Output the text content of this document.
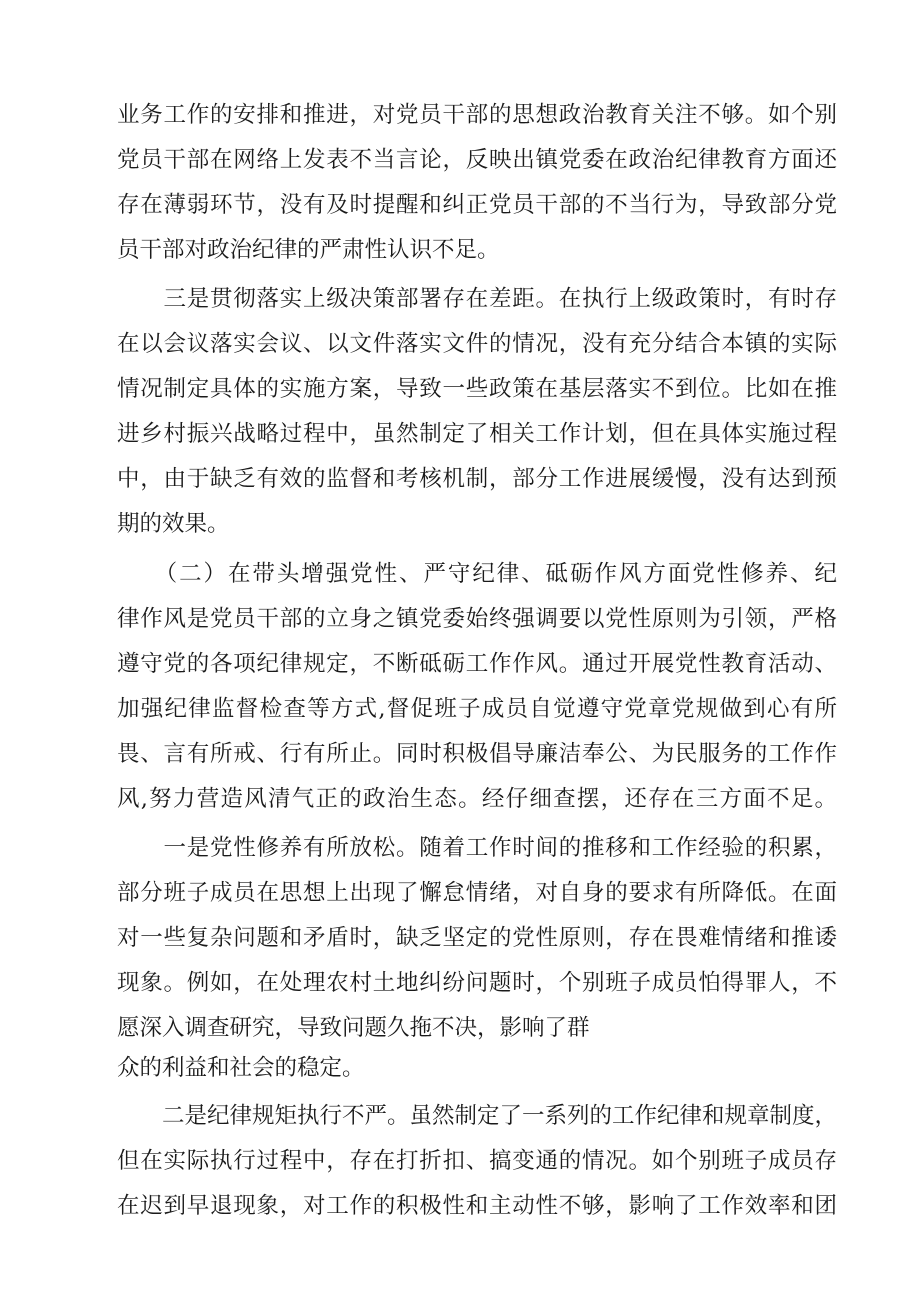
业务工作的安排和推进，对党员干部的思想政治教育关注不够。如个别
党员干部在网络上发表不当言论，反映出镇党委在政治纪律教育方面还
存在薄弱环节，没有及时提醒和纠正党员干部的不当行为，导致部分党
员干部对政治纪律的严肃性认识不足。
　　三是贯彻落实上级决策部署存在差距。在执行上级政策时，有时存
在以会议落实会议、以文件落实文件的情况，没有充分结合本镇的实际
情况制定具体的实施方案，导致一些政策在基层落实不到位。比如在推
进乡村振兴战略过程中，虽然制定了相关工作计划，但在具体实施过程
中，由于缺乏有效的监督和考核机制，部分工作进展缓慢，没有达到预
期的效果。
　　（二）在带头增强党性、严守纪律、砥砺作风方面党性修养、纪
律作风是党员干部的立身之镇党委始终强调要以党性原则为引领，严格
遵守党的各项纪律规定，不断砥砺工作作风。通过开展党性教育活动、
加强纪律监督检查等方式,督促班子成员自觉遵守党章党规做到心有所
畏、言有所戒、行有所止。同时积极倡导廉洁奉公、为民服务的工作作
风,努力营造风清气正的政治生态。经仔细查摆，还存在三方面不足。
　　一是党性修养有所放松。随着工作时间的推移和工作经验的积累，
部分班子成员在思想上出现了懈怠情绪，对自身的要求有所降低。在面
对一些复杂问题和矛盾时，缺乏坚定的党性原则，存在畏难情绪和推诿
现象。例如，在处理农村土地纠纷问题时，个别班子成员怕得罪人，不
愿深入调查研究，导致问题久拖不决，影响了群
众的利益和社会的稳定。
　　二是纪律规矩执行不严。虽然制定了一系列的工作纪律和规章制度，
但在实际执行过程中，存在打折扣、搞变通的情况。如个别班子成员存
在迟到早退现象，对工作的积极性和主动性不够，影响了工作效率和团
